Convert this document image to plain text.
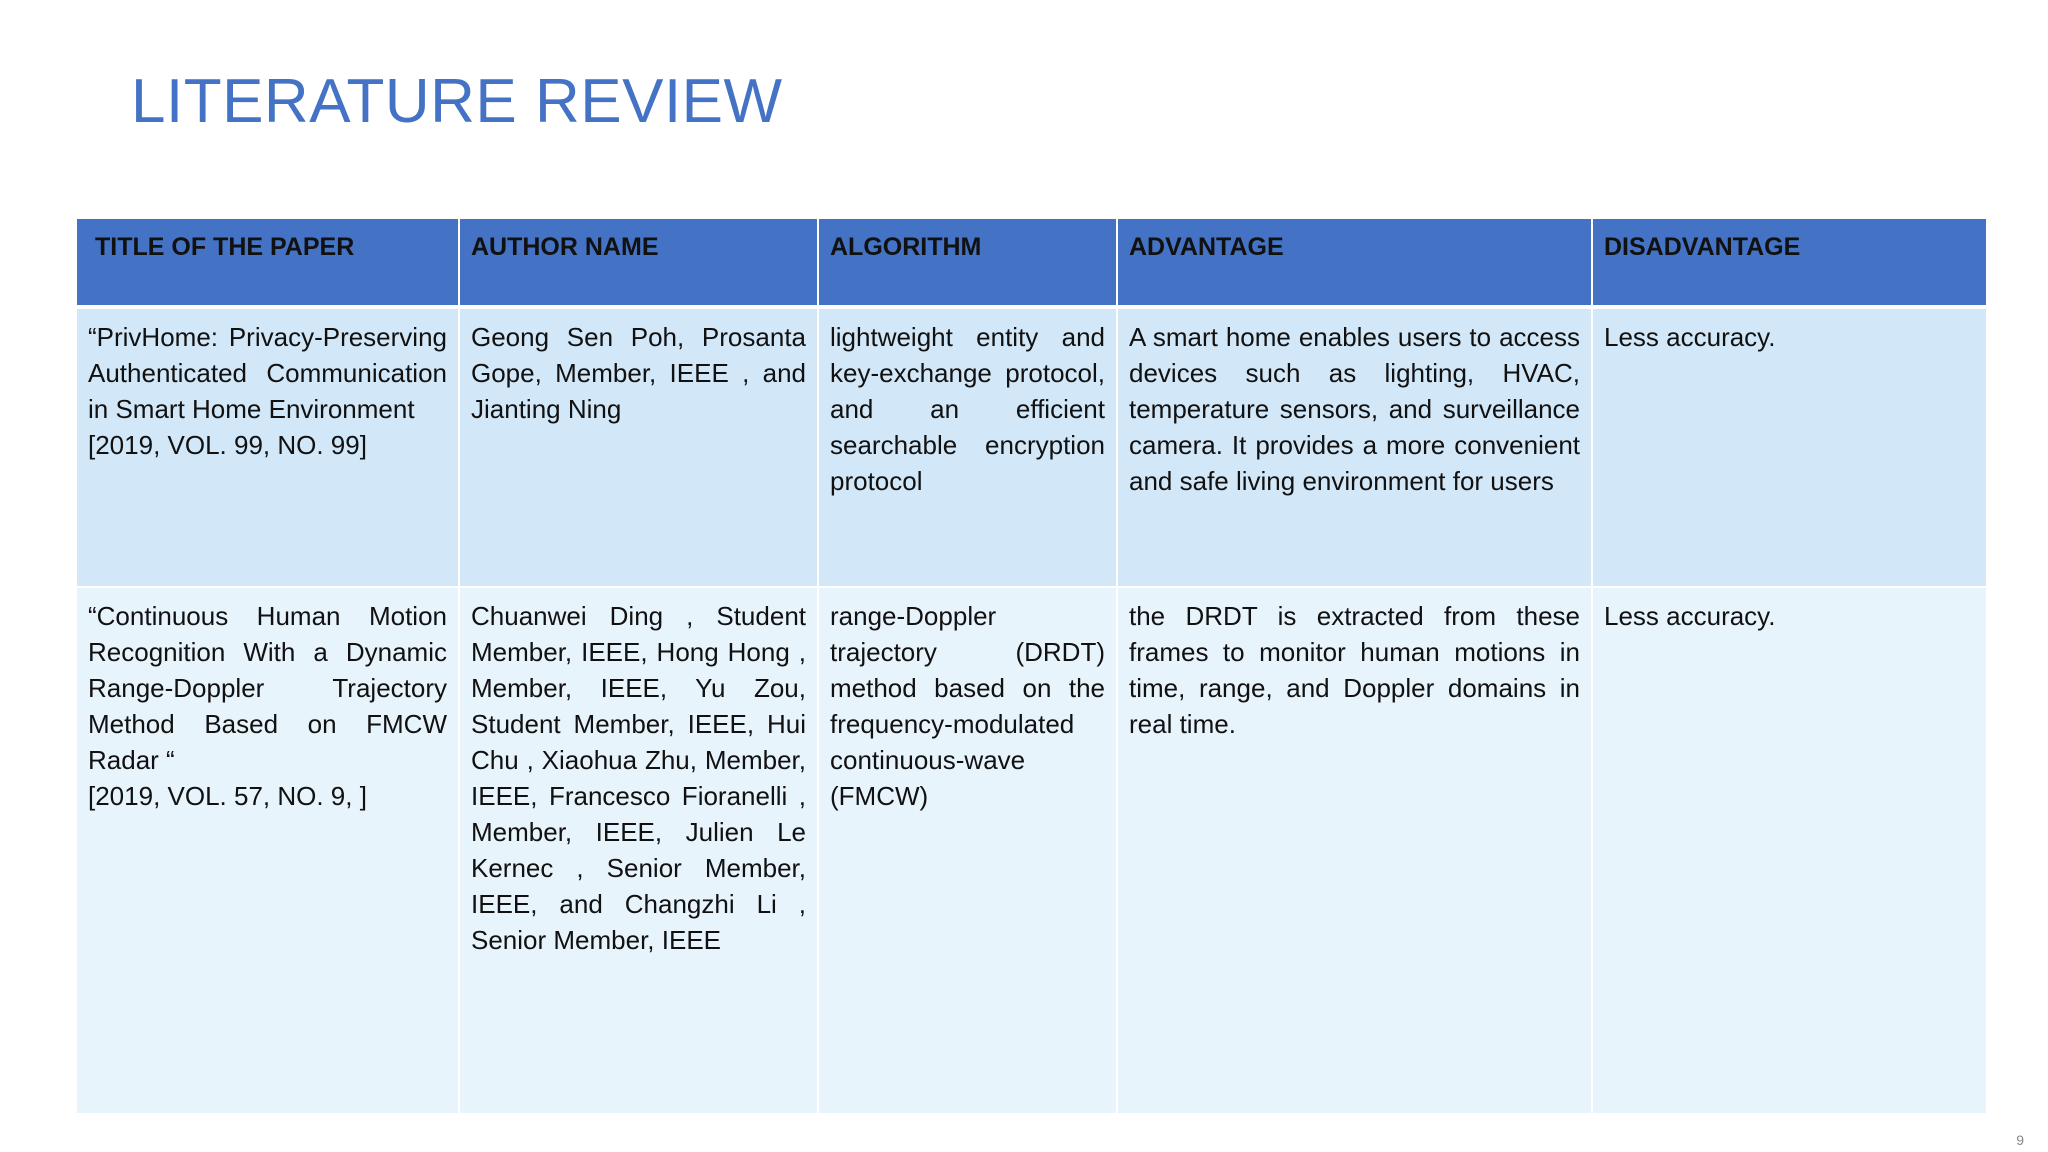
LITERATURE REVIEW
TITLE OF THE PAPER	AUTHOR NAME	ALGORITHM	ADVANTAGE	DISADVANTAGE

“PrivHome: Privacy-Preserving Authenticated Communication in Smart Home Environment
[2019, VOL. 99, NO. 99]	Geong Sen Poh, Prosanta Gope, Member, IEEE , and Jianting Ning	lightweight entity and key-exchange protocol, and an efficient searchable encryption protocol	A smart home enables users to access devices such as lighting, HVAC, temperature sensors, and surveillance camera. It provides a more convenient and safe living environment for users	Less accuracy.

“Continuous Human Motion Recognition With a Dynamic Range-Doppler Trajectory Method Based on FMCW Radar “
[2019, VOL. 57, NO. 9, ]	Chuanwei Ding , Student Member, IEEE, Hong Hong , Member, IEEE, Yu Zou, Student Member, IEEE, Hui Chu , Xiaohua Zhu, Member, IEEE, Francesco Fioranelli , Member, IEEE, Julien Le Kernec , Senior Member, IEEE, and Changzhi Li , Senior Member, IEEE	range-Doppler trajectory (DRDT) method based on the frequency-modulated continuous-wave (FMCW)	the DRDT is extracted from these frames to monitor human motions in time, range, and Doppler domains in real time.	Less accuracy.
9
